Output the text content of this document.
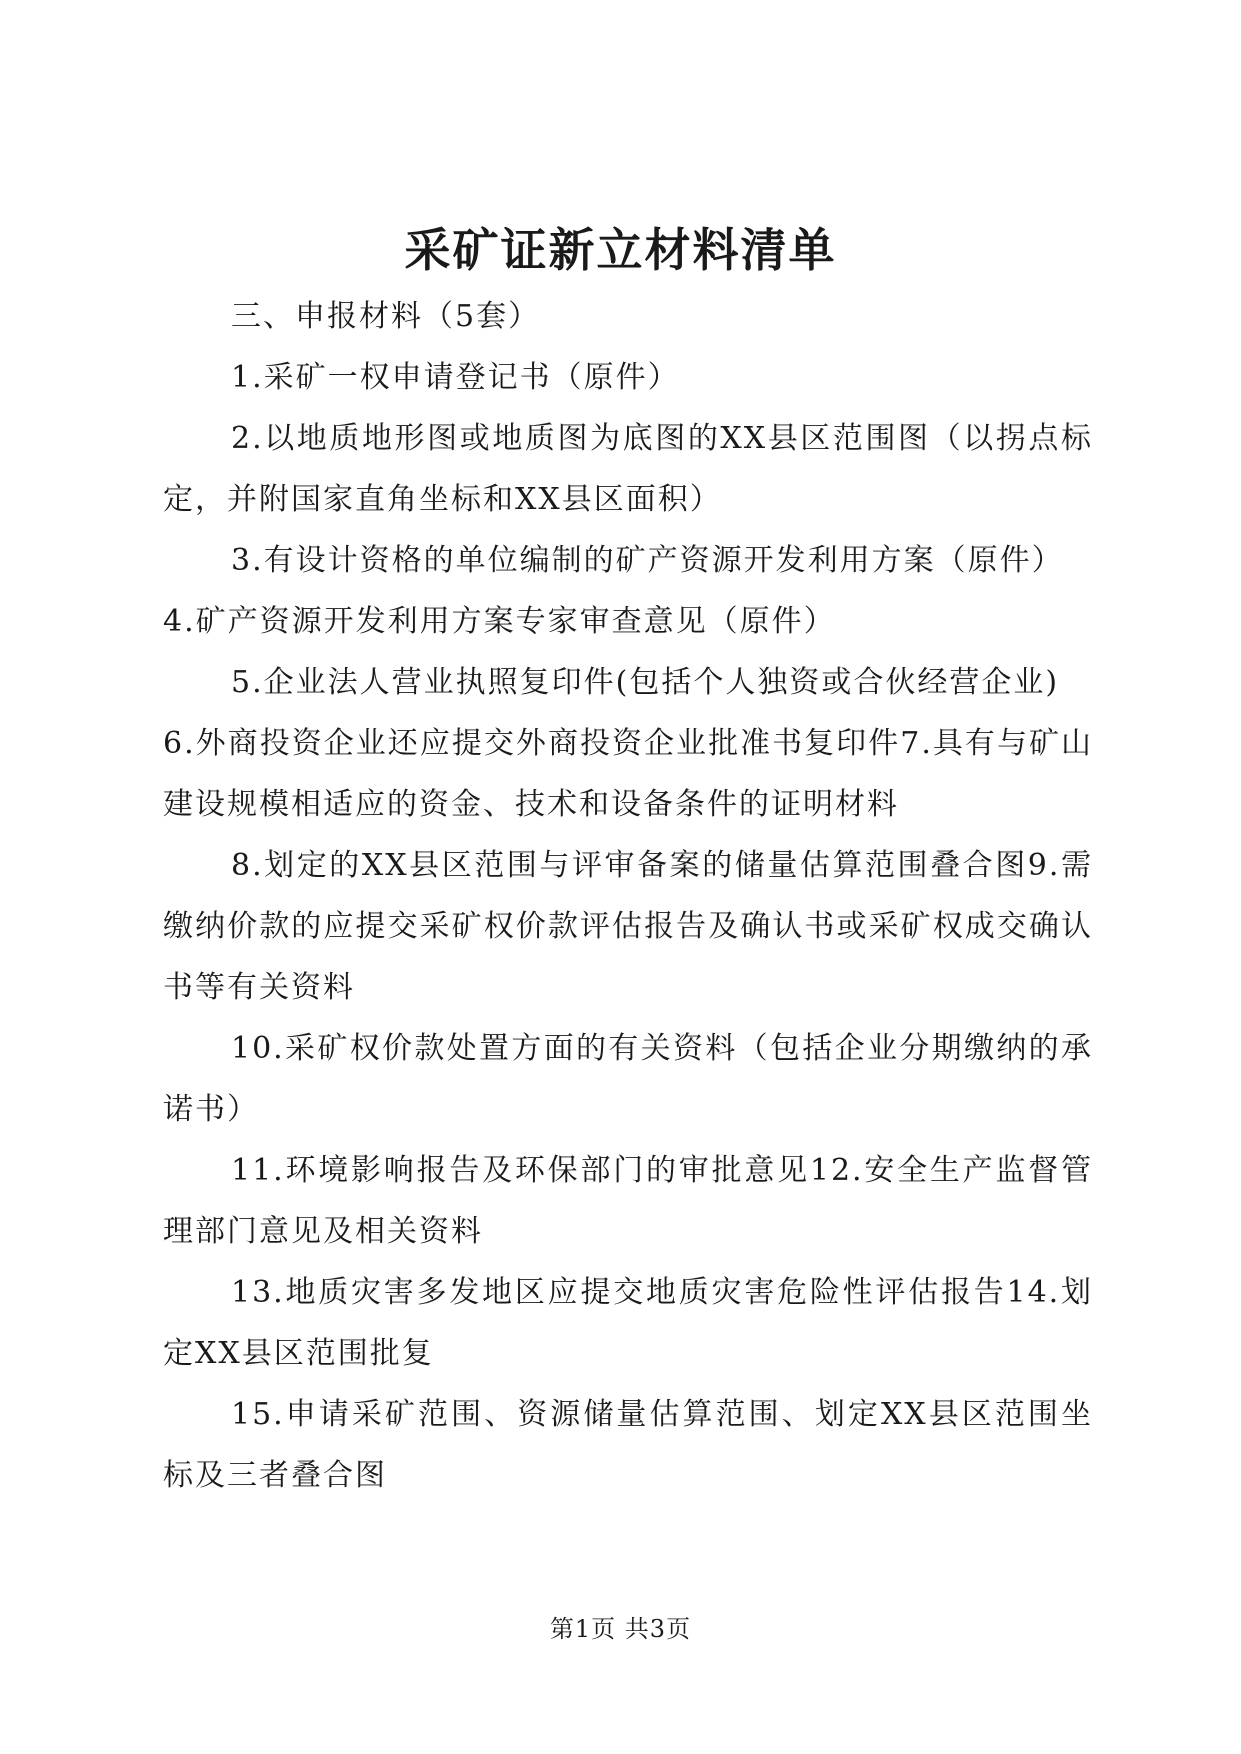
采矿证新立材料清单

三、申报材料（5套）

1.采矿一权申请登记书（原件）

2.以地质地形图或地质图为底图的XX县区范围图（以拐点标定，并附国家直角坐标和XX县区面积）

3.有设计资格的单位编制的矿产资源开发利用方案（原件）

4.矿产资源开发利用方案专家审查意见（原件）

5.企业法人营业执照复印件(包括个人独资或合伙经营企业)

6.外商投资企业还应提交外商投资企业批准书复印件7.具有与矿山建设规模相适应的资金、技术和设备条件的证明材料

8.划定的XX县区范围与评审备案的储量估算范围叠合图9.需缴纳价款的应提交采矿权价款评估报告及确认书或采矿权成交确认书等有关资料

10.采矿权价款处置方面的有关资料（包括企业分期缴纳的承诺书）

11.环境影响报告及环保部门的审批意见12.安全生产监督管理部门意见及相关资料

13.地质灾害多发地区应提交地质灾害危险性评估报告14.划定XX县区范围批复

15.申请采矿范围、资源储量估算范围、划定XX县区范围坐标及三者叠合图

第1页 共3页
